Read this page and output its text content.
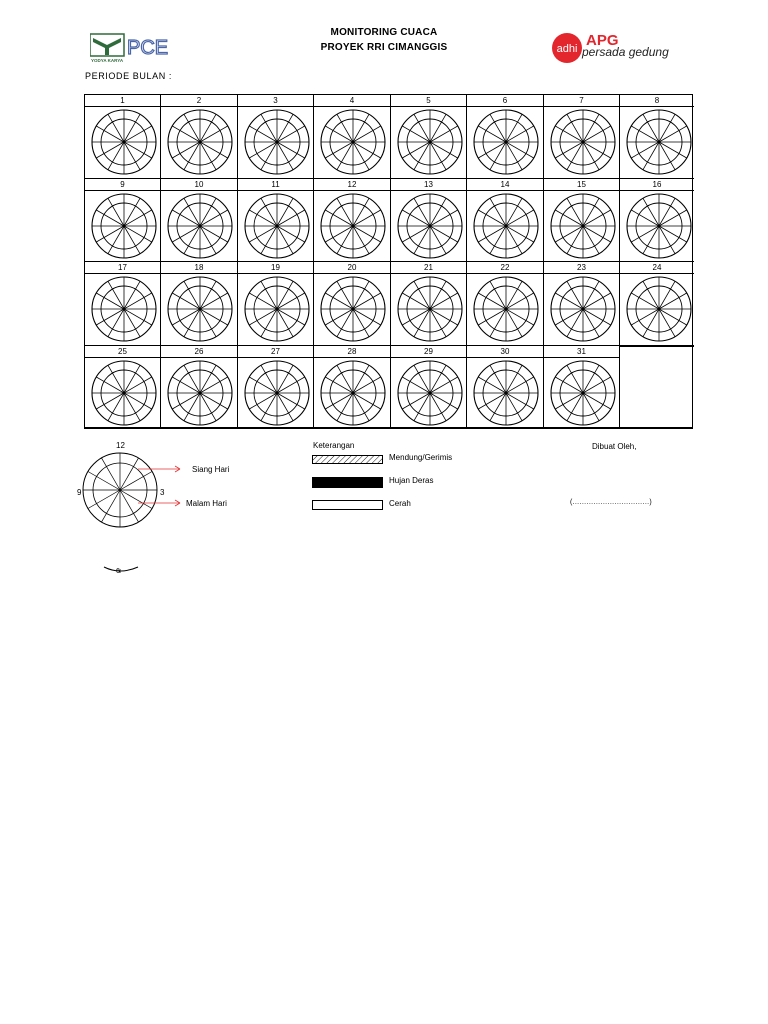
MONITORING CUACA
PROYEK RRI CIMANGGIS
PERIODE BULAN :
PCE
YODYA KARYA
adhi APG
persada gedung
1	2	3	4	5	6	7	8
9	10	11	12	13	14	15	16
17	18	19	20	21	22	23	24
25	26	27	28	29	30	31
12
9	3
6
Siang Hari
Malam Hari
Keterangan
Mendung/Gerimis
Hujan Deras
Cerah
Dibuat Oleh,
(……………………………)
